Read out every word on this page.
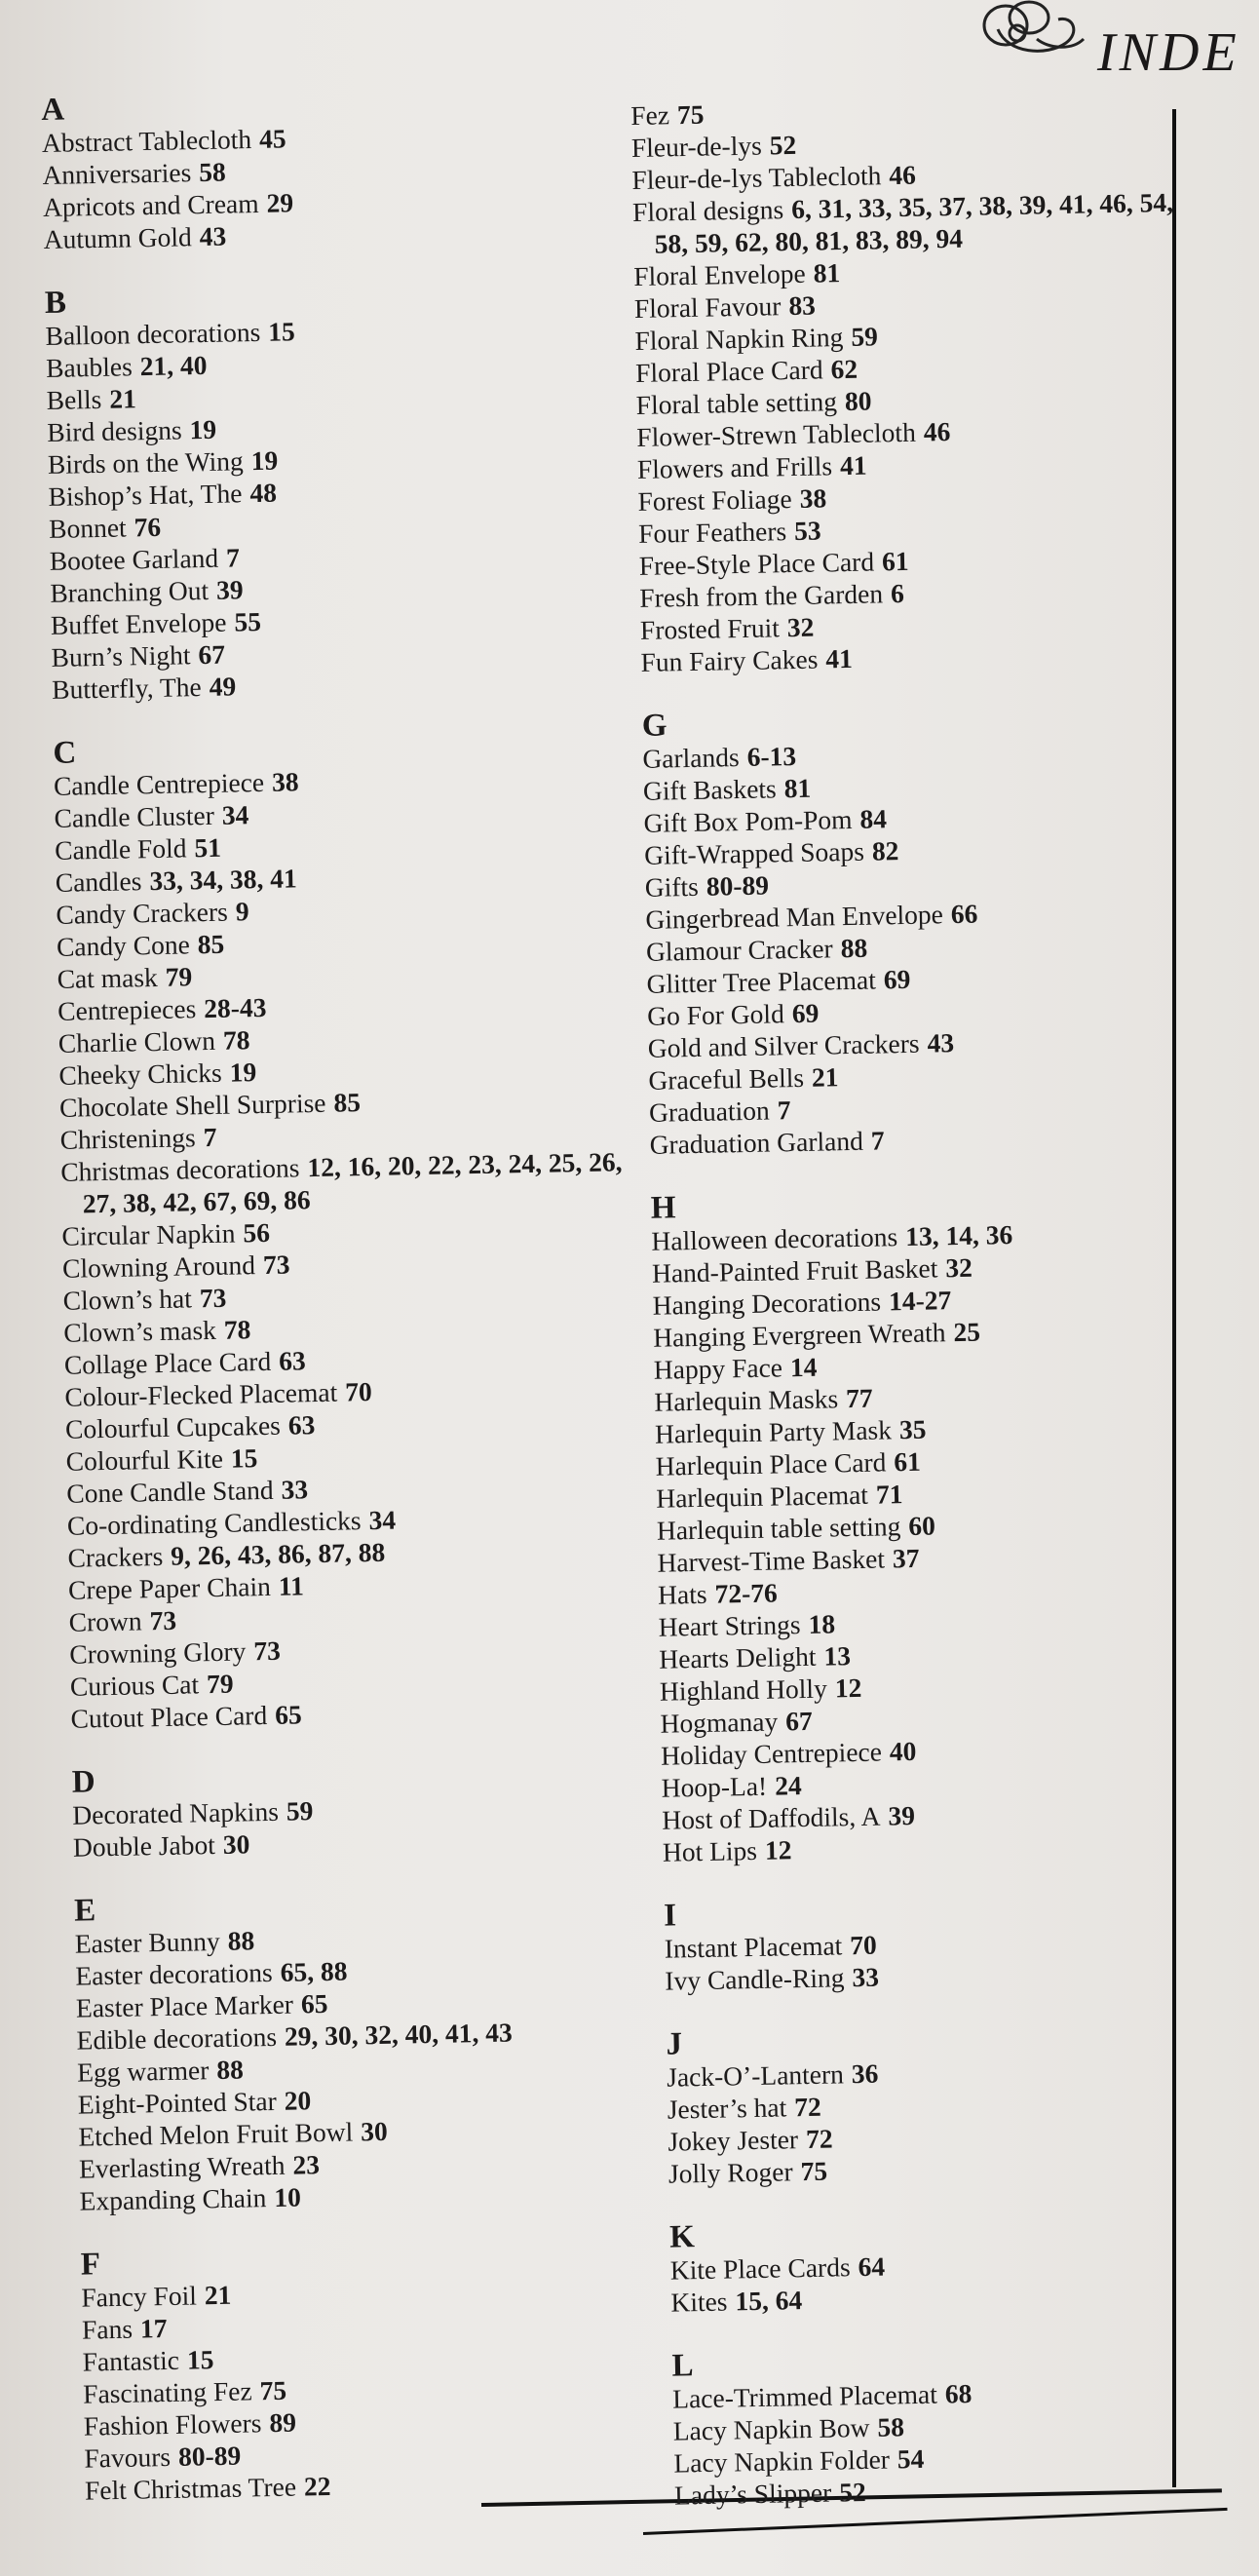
INDE
A
Abstract Tablecloth 45
Anniversaries 58
Apricots and Cream 29
Autumn Gold 43
B
Balloon decorations 15
Baubles 21, 40
Bells 21
Bird designs 19
Birds on the Wing 19
Bishop’s Hat, The 48
Bonnet 76
Bootee Garland 7
Branching Out 39
Buffet Envelope 55
Burn’s Night 67
Butterfly, The 49
C
Candle Centrepiece 38
Candle Cluster 34
Candle Fold 51
Candles 33, 34, 38, 41
Candy Crackers 9
Candy Cone 85
Cat mask 79
Centrepieces 28-43
Charlie Clown 78
Cheeky Chicks 19
Chocolate Shell Surprise 85
Christenings 7
Christmas decorations 12, 16, 20, 22, 23, 24, 25, 26, 27, 38, 42, 67, 69, 86
Circular Napkin 56
Clowning Around 73
Clown’s hat 73
Clown’s mask 78
Collage Place Card 63
Colour-Flecked Placemat 70
Colourful Cupcakes 63
Colourful Kite 15
Cone Candle Stand 33
Co-ordinating Candlesticks 34
Crackers 9, 26, 43, 86, 87, 88
Crepe Paper Chain 11
Crown 73
Crowning Glory 73
Curious Cat 79
Cutout Place Card 65
D
Decorated Napkins 59
Double Jabot 30
E
Easter Bunny 88
Easter decorations 65, 88
Easter Place Marker 65
Edible decorations 29, 30, 32, 40, 41, 43
Egg warmer 88
Eight-Pointed Star 20
Etched Melon Fruit Bowl 30
Everlasting Wreath 23
Expanding Chain 10
F
Fancy Foil 21
Fans 17
Fantastic 15
Fascinating Fez 75
Fashion Flowers 89
Favours 80-89
Felt Christmas Tree 22
Fez 75
Fleur-de-lys 52
Fleur-de-lys Tablecloth 46
Floral designs 6, 31, 33, 35, 37, 38, 39, 41, 46, 54, 58, 59, 62, 80, 81, 83, 89, 94
Floral Envelope 81
Floral Favour 83
Floral Napkin Ring 59
Floral Place Card 62
Floral table setting 80
Flower-Strewn Tablecloth 46
Flowers and Frills 41
Forest Foliage 38
Four Feathers 53
Free-Style Place Card 61
Fresh from the Garden 6
Frosted Fruit 32
Fun Fairy Cakes 41
G
Garlands 6-13
Gift Baskets 81
Gift Box Pom-Pom 84
Gift-Wrapped Soaps 82
Gifts 80-89
Gingerbread Man Envelope 66
Glamour Cracker 88
Glitter Tree Placemat 69
Go For Gold 69
Gold and Silver Crackers 43
Graceful Bells 21
Graduation 7
Graduation Garland 7
H
Halloween decorations 13, 14, 36
Hand-Painted Fruit Basket 32
Hanging Decorations 14-27
Hanging Evergreen Wreath 25
Happy Face 14
Harlequin Masks 77
Harlequin Party Mask 35
Harlequin Place Card 61
Harlequin Placemat 71
Harlequin table setting 60
Harvest-Time Basket 37
Hats 72-76
Heart Strings 18
Hearts Delight 13
Highland Holly 12
Hogmanay 67
Holiday Centrepiece 40
Hoop-La! 24
Host of Daffodils, A 39
Hot Lips 12
I
Instant Placemat 70
Ivy Candle-Ring 33
J
Jack-O’-Lantern 36
Jester’s hat 72
Jokey Jester 72
Jolly Roger 75
K
Kite Place Cards 64
Kites 15, 64
L
Lace-Trimmed Placemat 68
Lacy Napkin Bow 58
Lacy Napkin Folder 54
Lady’s Slipper 52
